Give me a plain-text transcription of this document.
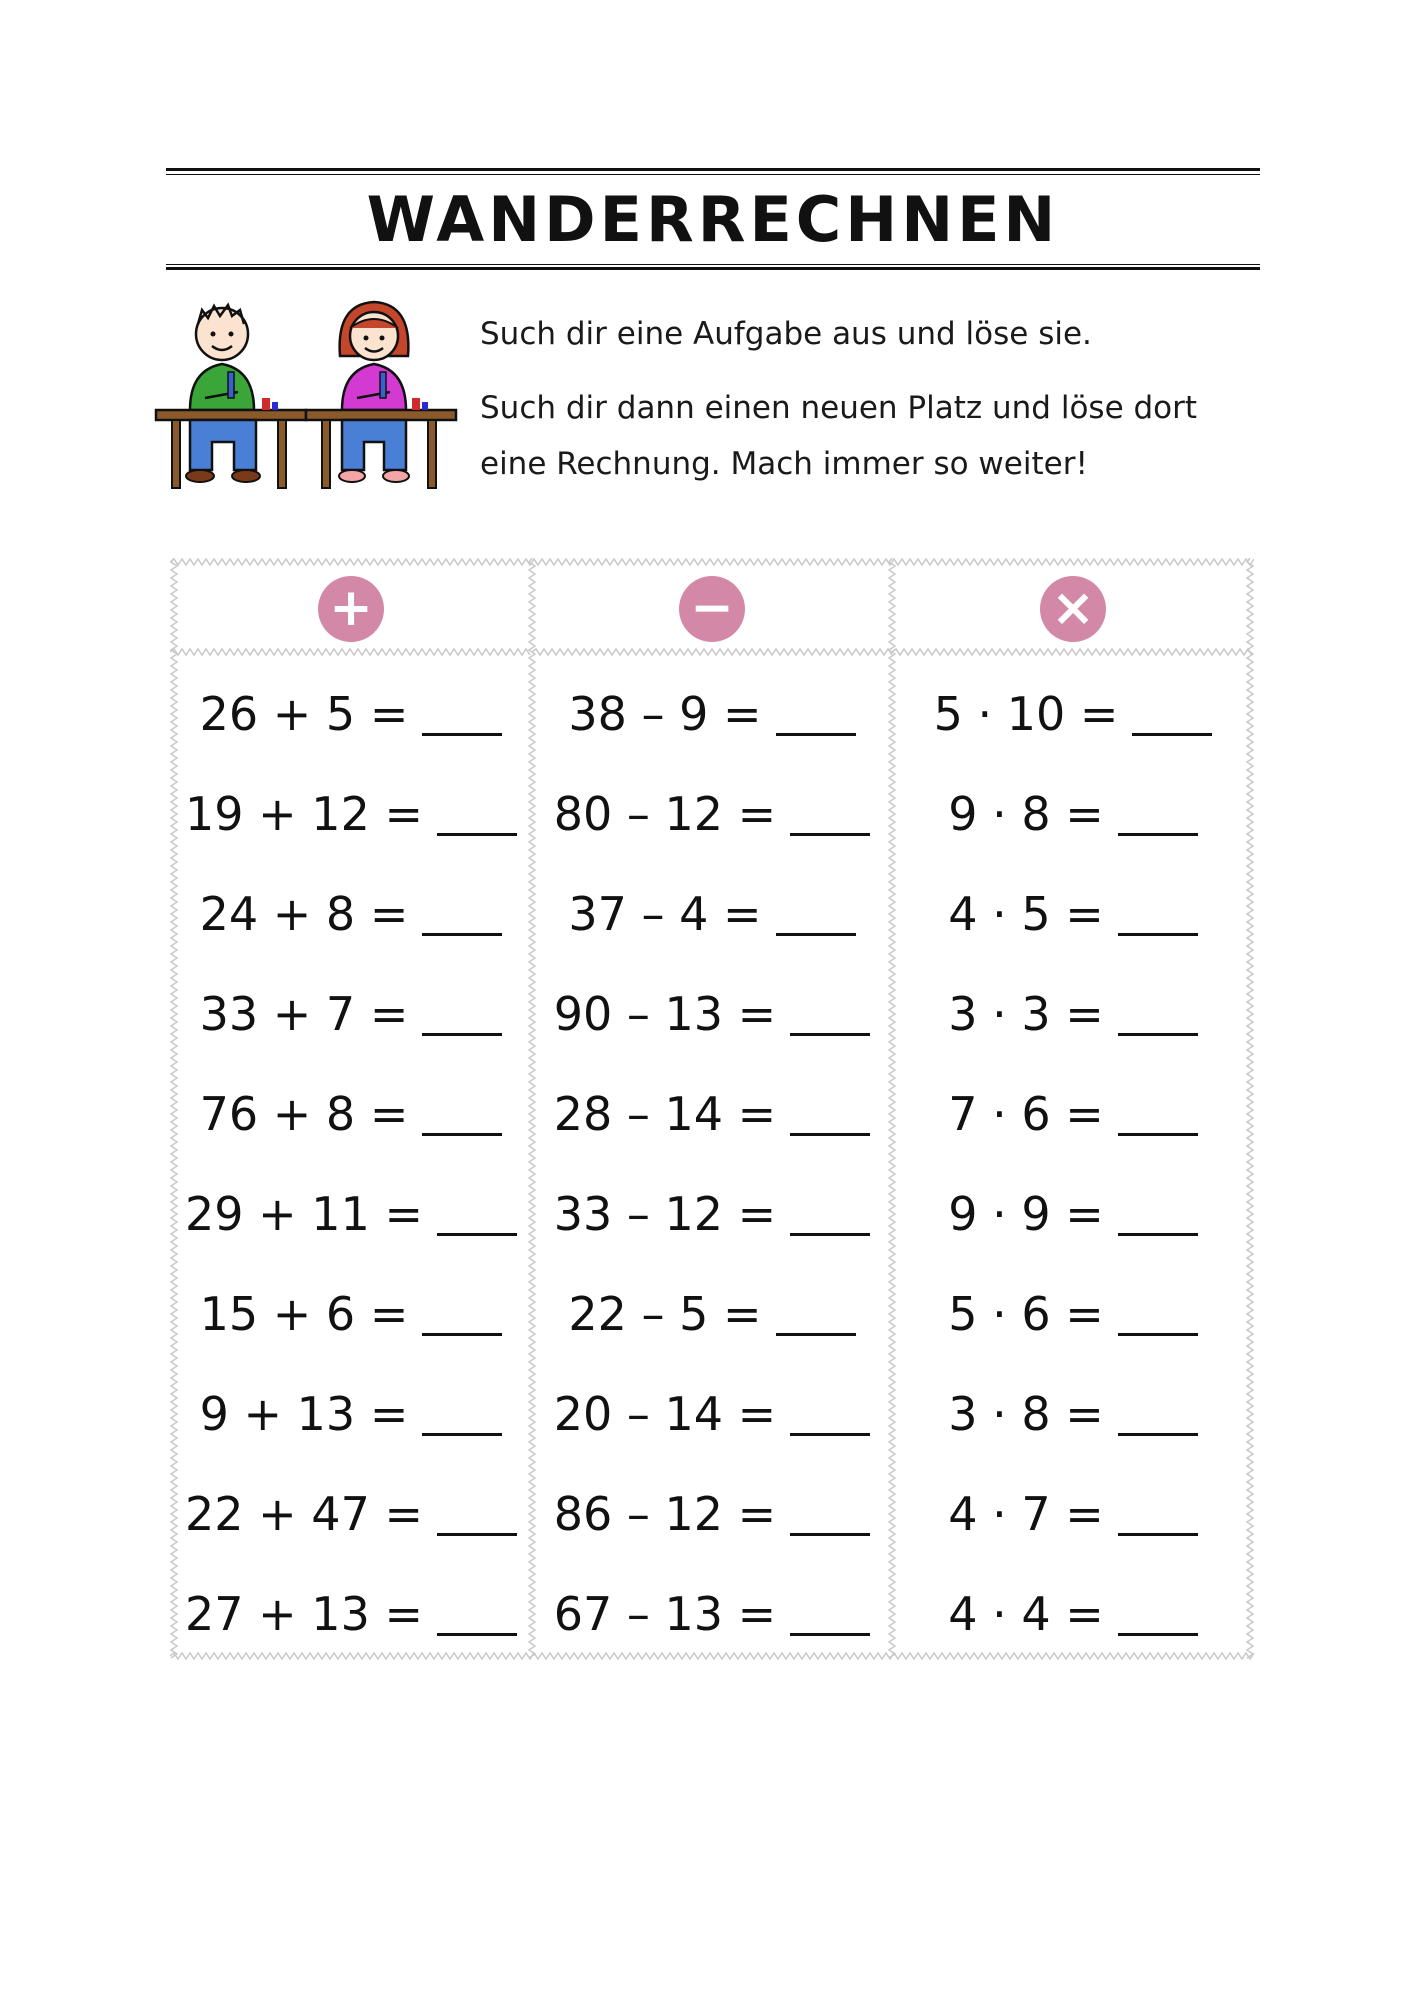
WANDERRECHNEN

Such dir eine Aufgabe aus und löse sie.

Such dir dann einen neuen Platz und löse dort eine Rechnung. Mach immer so weiter!

+
26 + 5 =
19 + 12 =
24 + 8 =
33 + 7 =
76 + 8 =
29 + 11 =
15 + 6 =
9 + 13 =
22 + 47 =
27 + 13 =
−
38 – 9 =
80 – 12 =
37 – 4 =
90 – 13 =
28 – 14 =
33 – 12 =
22 – 5 =
20 – 14 =
86 – 12 =
67 – 13 =
×
5 · 10 =
9 · 8 =
4 · 5 =
3 · 3 =
7 · 6 =
9 · 9 =
5 · 6 =
3 · 8 =
4 · 7 =
4 · 4 =
